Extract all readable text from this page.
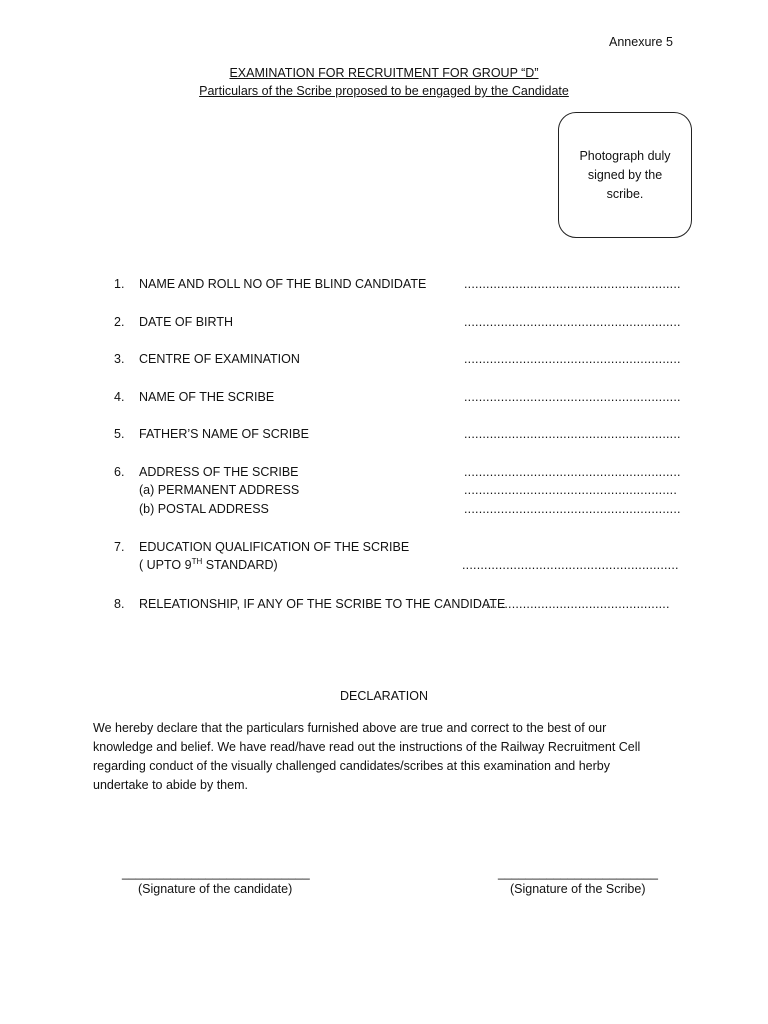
Annexure 5
EXAMINATION FOR RECRUITMENT FOR GROUP “D”
Particulars of the Scribe proposed to be engaged by the Candidate
Photograph duly
signed by the
scribe.
1. NAME AND ROLL NO OF THE BLIND CANDIDATE	...........................................................
2. DATE OF BIRTH	...........................................................
3. CENTRE OF EXAMINATION	...........................................................
4. NAME OF THE SCRIBE	...........................................................
5. FATHER’S NAME OF SCRIBE	...........................................................
6. ADDRESS OF THE SCRIBE	...........................................................
(a) PERMANENT ADDRESS	..........................................................
(b) POSTAL ADDRESS	...........................................................
7. EDUCATION QUALIFICATION OF THE SCRIBE
( UPTO 9TH STANDARD)	...........................................................
8. RELEATIONSHIP, IF ANY OF THE SCRIBE TO THE CANDIDATE
..................................................
DECLARATION
We hereby declare that the particulars furnished above are true and correct to the best of our
knowledge and belief. We have read/have read out the instructions of the Railway Recruitment Cell
regarding conduct of the visually challenged candidates/scribes at this examination and herby
undertake to abide by them.
___________________________
(Signature of the candidate)
_______________________
(Signature of the Scribe)
